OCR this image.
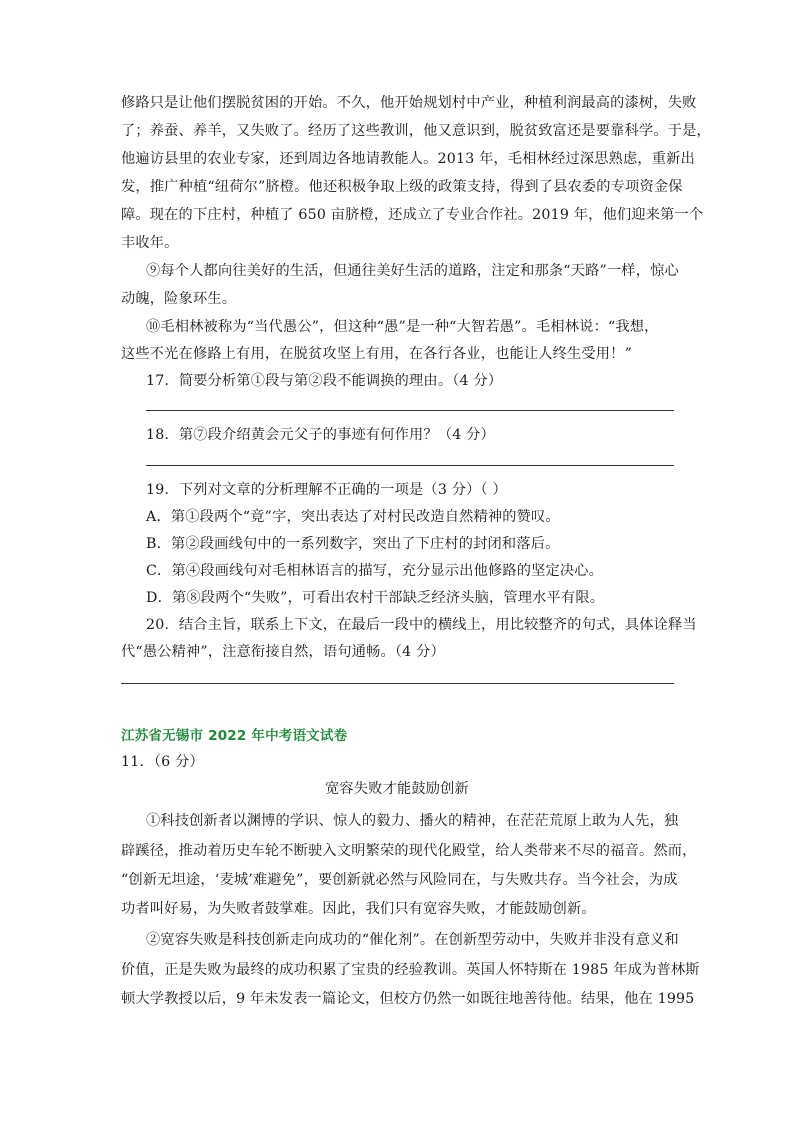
修路只是让他们摆脱贫困的开始。不久，他开始规划村中产业，种植利润最高的漆树，失败
了；养蚕、养羊，又失败了。经历了这些教训，他又意识到，脱贫致富还是要靠科学。于是，
他遍访县里的农业专家，还到周边各地请教能人。2013 年，毛相林经过深思熟虑，重新出
发，推广种植“纽荷尔”脐橙。他还积极争取上级的政策支持，得到了县农委的专项资金保
障。现在的下庄村，种植了 650 亩脐橙，还成立了专业合作社。2019 年，他们迎来第一个
丰收年。
⑨每个人都向往美好的生活，但通往美好生活的道路，注定和那条“天路”一样，惊心
动魄，险象环生。
⑩毛相林被称为“当代愚公”，但这种“愚”是一种“大智若愚”。毛相林说：“我想，
这些不光在修路上有用，在脱贫攻坚上有用，在各行各业，也能让人终生受用！”
17．简要分析第①段与第②段不能调换的理由。（4 分）
18．第⑦段介绍黄会元父子的事迹有何作用？（4 分）
19．下列对文章的分析理解不正确的一项是（3 分）（ ）
A．第①段两个“竟”字，突出表达了对村民改造自然精神的赞叹。
B．第②段画线句中的一系列数字，突出了下庄村的封闭和落后。
C．第④段画线句对毛相林语言的描写，充分显示出他修路的坚定决心。
D．第⑧段两个“失败”，可看出农村干部缺乏经济头脑，管理水平有限。
20．结合主旨，联系上下文，在最后一段中的横线上，用比较整齐的句式，具体诠释当
代“愚公精神”，注意衔接自然，语句通畅。（4 分）
江苏省无锡市 2022 年中考语文试卷
11．（6 分）
宽容失败才能鼓励创新
①科技创新者以渊博的学识、惊人的毅力、播火的精神，在茫茫荒原上敢为人先，独
辟蹊径，推动着历史车轮不断驶入文明繁荣的现代化殿堂，给人类带来不尽的福音。然而，
“创新无坦途，‘麦城’难避免”，要创新就必然与风险同在，与失败共存。当今社会，为成
功者叫好易，为失败者鼓掌难。因此，我们只有宽容失败，才能鼓励创新。
②宽容失败是科技创新走向成功的“催化剂”。在创新型劳动中，失败并非没有意义和
价值，正是失败为最终的成功积累了宝贵的经验教训。英国人怀特斯在 1985 年成为普林斯
顿大学教授以后，9 年未发表一篇论文，但校方仍然一如既往地善待他。结果，他在 1995
